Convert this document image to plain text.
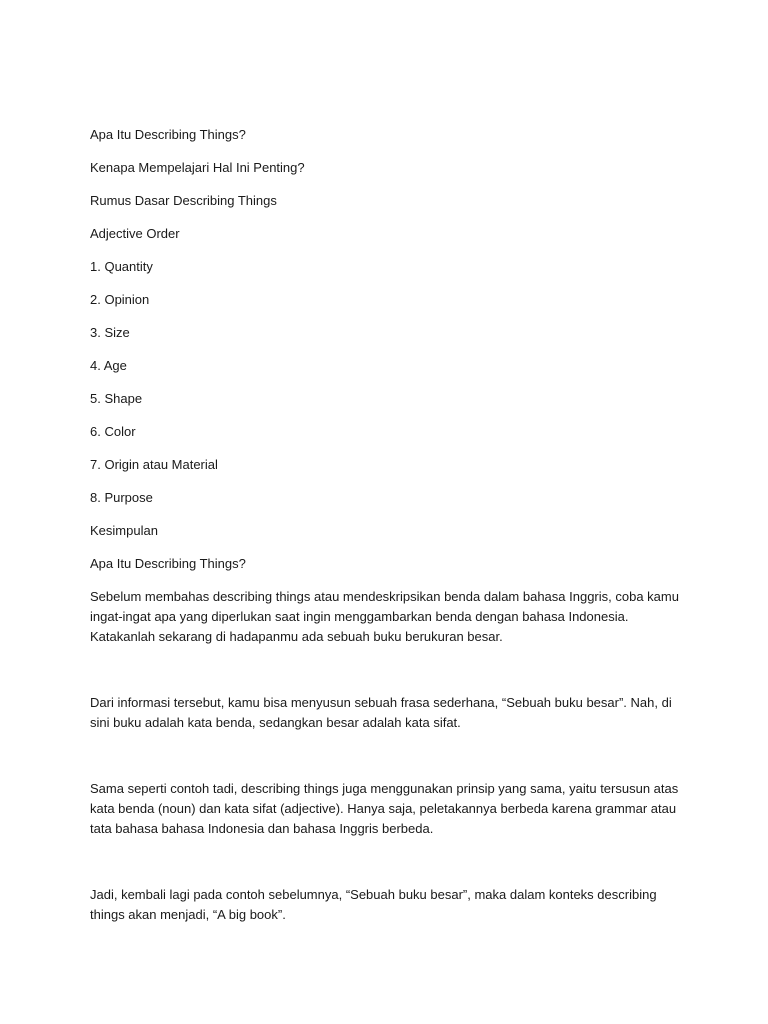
Apa Itu Describing Things?
Kenapa Mempelajari Hal Ini Penting?
Rumus Dasar Describing Things
Adjective Order
1. Quantity
2. Opinion
3. Size
4. Age
5. Shape
6. Color
7. Origin atau Material
8. Purpose
Kesimpulan
Apa Itu Describing Things?

Sebelum membahas describing things atau mendeskripsikan benda dalam bahasa Inggris, coba kamu ingat-ingat apa yang diperlukan saat ingin menggambarkan benda dengan bahasa Indonesia. Katakanlah sekarang di hadapanmu ada sebuah buku berukuran besar.

Dari informasi tersebut, kamu bisa menyusun sebuah frasa sederhana, “Sebuah buku besar”. Nah, di sini buku adalah kata benda, sedangkan besar adalah kata sifat.

Sama seperti contoh tadi, describing things juga menggunakan prinsip yang sama, yaitu tersusun atas kata benda (noun) dan kata sifat (adjective). Hanya saja, peletakannya berbeda karena grammar atau tata bahasa bahasa Indonesia dan bahasa Inggris berbeda.

Jadi, kembali lagi pada contoh sebelumnya, “Sebuah buku besar”, maka dalam konteks describing things akan menjadi, “A big book”.
